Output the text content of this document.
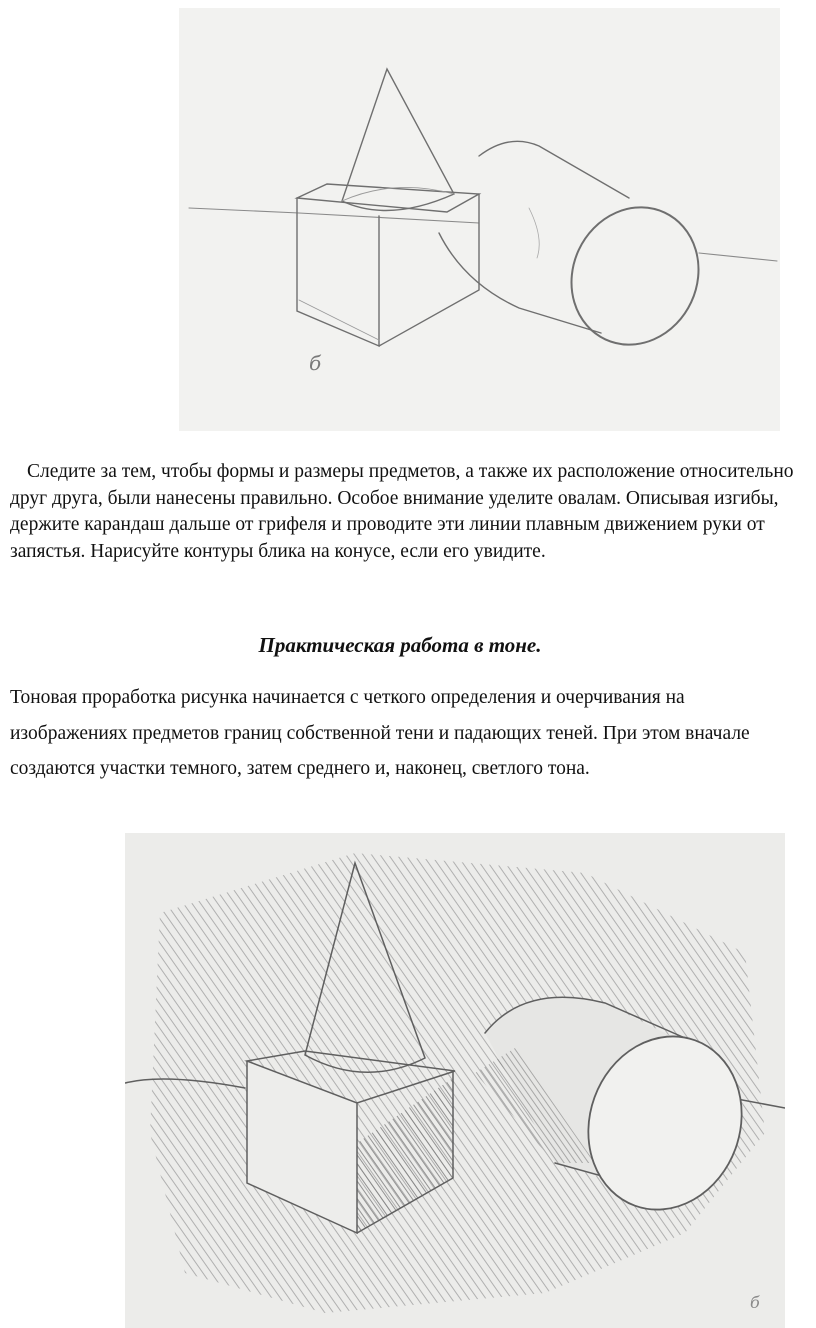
б

Следите за тем, чтобы формы и размеры предметов, а также их расположение относительно друг друга, были нанесены правильно. Особое внимание уделите овалам. Описывая изгибы, держите карандаш дальше от грифеля и проводите эти линии плавным движением руки от запястья. Нарисуйте контуры блика на конусе, если его увидите.

Практическая работа в тоне.

Тоновая проработка рисунка начинается с четкого определения и очерчивания на изображениях предметов границ собственной тени и падающих теней. При этом вначале создаются участки темного, затем среднего и, наконец, светлого тона.

б
